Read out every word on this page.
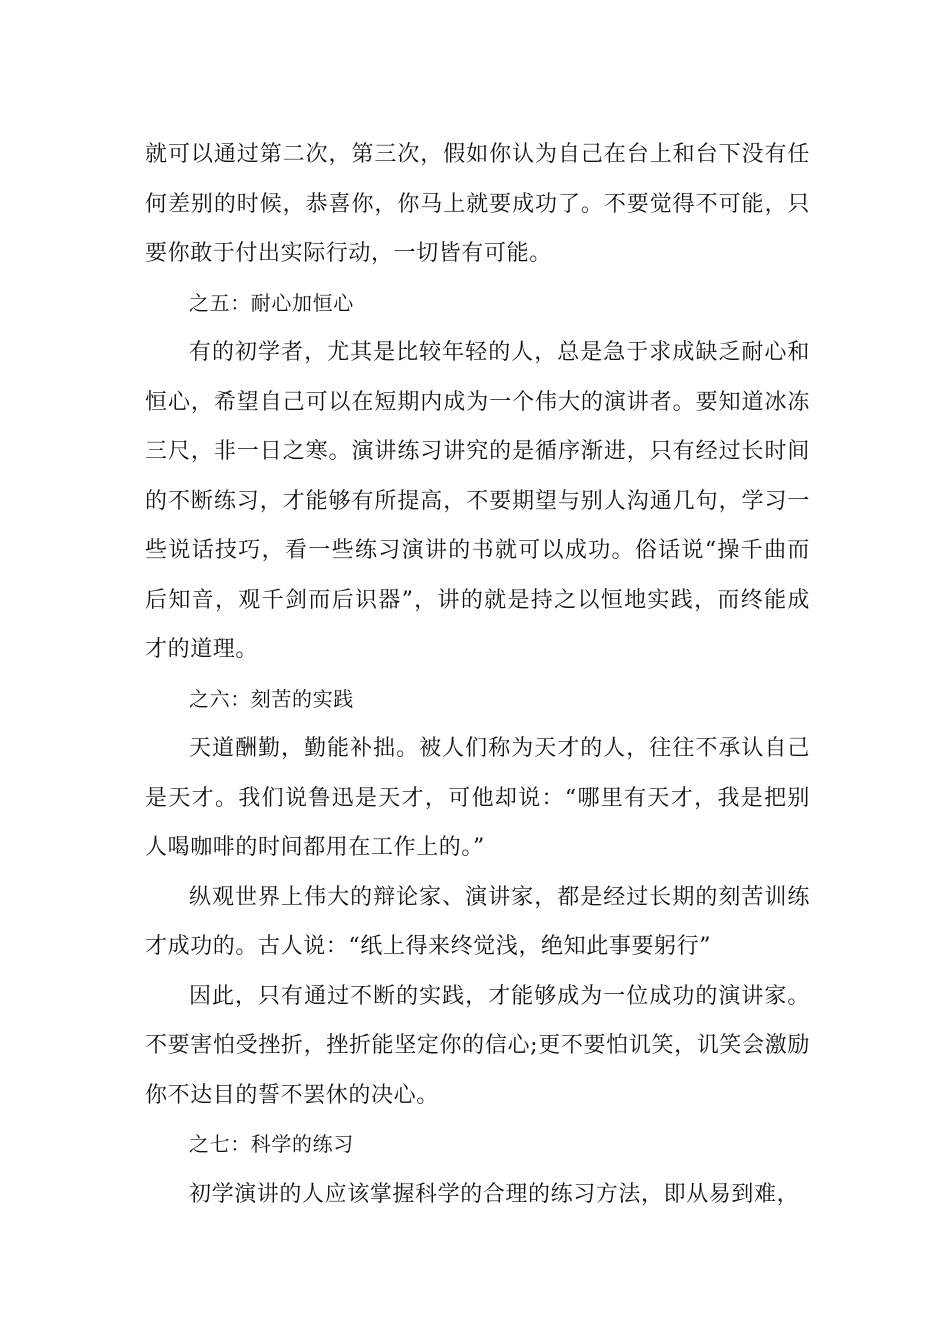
就可以通过第二次，第三次，假如你认为自己在台上和台下没有任何差别的时候，恭喜你，你马上就要成功了。不要觉得不可能，只要你敢于付出实际行动，一切皆有可能。

之五：耐心加恒心

有的初学者，尤其是比较年轻的人，总是急于求成缺乏耐心和恒心，希望自己可以在短期内成为一个伟大的演讲者。要知道冰冻三尺，非一日之寒。演讲练习讲究的是循序渐进，只有经过长时间的不断练习，才能够有所提高，不要期望与别人沟通几句，学习一些说话技巧，看一些练习演讲的书就可以成功。俗话说“操千曲而后知音，观千剑而后识器”，讲的就是持之以恒地实践，而终能成才的道理。

之六：刻苦的实践

天道酬勤，勤能补拙。被人们称为天才的人，往往不承认自己是天才。我们说鲁迅是天才，可他却说：“哪里有天才，我是把别人喝咖啡的时间都用在工作上的。”

纵观世界上伟大的辩论家、演讲家，都是经过长期的刻苦训练才成功的。古人说：“纸上得来终觉浅，绝知此事要躬行”

因此，只有通过不断的实践，才能够成为一位成功的演讲家。不要害怕受挫折，挫折能坚定你的信心;更不要怕讥笑，讥笑会激励你不达目的誓不罢休的决心。

之七：科学的练习

初学演讲的人应该掌握科学的合理的练习方法，即从易到难，
